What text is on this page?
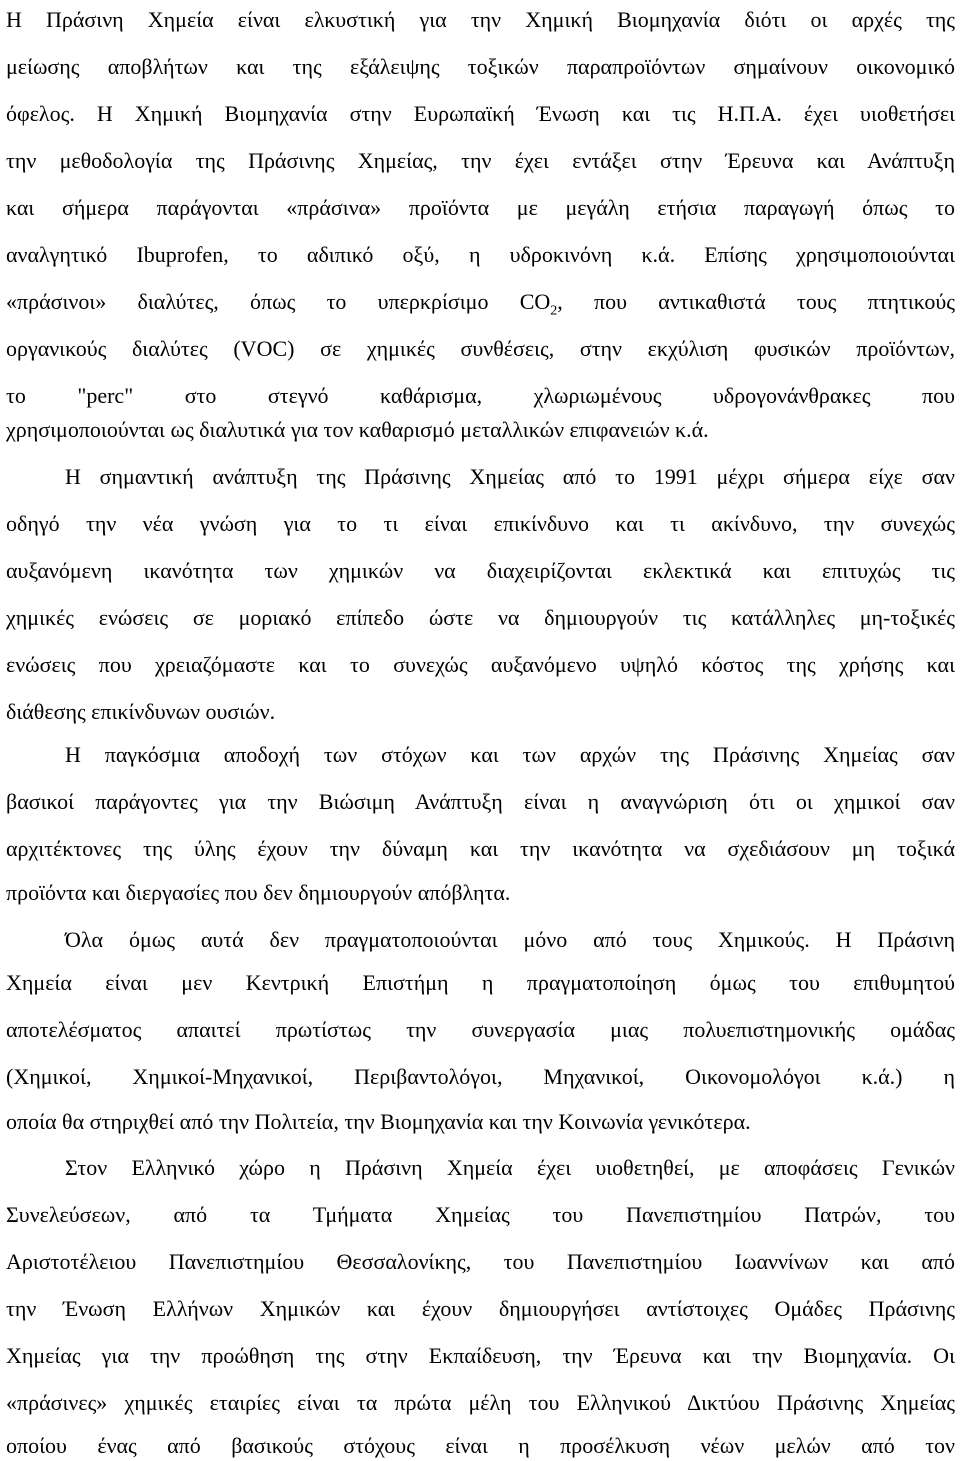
Η Πράσινη Χημεία είναι ελκυστική για την Χημική Βιομηχανία διότι οι αρχές της
μείωσης αποβλήτων και της εξάλειψης τοξικών παραπροϊόντων σημαίνουν οικονομικό
όφελος. Η Χημική Βιομηχανία στην Ευρωπαϊκή Ένωση και τις Η.Π.Α. έχει υιοθετήσει
την μεθοδολογία της Πράσινης Χημείας, την έχει εντάξει στην Έρευνα και Ανάπτυξη
και σήμερα παράγονται «πράσινα» προϊόντα με μεγάλη ετήσια παραγωγή όπως το
αναλγητικό Ibuprofen, το αδιπικό οξύ, η υδροκινόνη κ.ά. Επίσης χρησιμοποιούνται
«πράσινοι» διαλύτες, όπως το υπερκρίσιμο $CO_2$, που αντικαθιστά τους πτητικούς
οργανικούς διαλύτες (VOC) σε χημικές συνθέσεις, στην εκχύλιση φυσικών προϊόντων,
το "perc" στο στεγνό καθάρισμα, χλωριωμένους υδρογονάνθρακες που
χρησιμοποιούνται ως διαλυτικά για τον καθαρισμό μεταλλικών επιφανειών κ.ά.
Η σημαντική ανάπτυξη της Πράσινης Χημείας από το 1991 μέχρι σήμερα είχε σαν
οδηγό την νέα γνώση για το τι είναι επικίνδυνο και τι ακίνδυνο, την συνεχώς
αυξανόμενη ικανότητα των χημικών να διαχειρίζονται εκλεκτικά και επιτυχώς τις
χημικές ενώσεις σε μοριακό επίπεδο ώστε να δημιουργούν τις κατάλληλες μη-τοξικές
ενώσεις που χρειαζόμαστε και το συνεχώς αυξανόμενο υψηλό κόστος της χρήσης και
διάθεσης επικίνδυνων ουσιών.
Η παγκόσμια αποδοχή των στόχων και των αρχών της Πράσινης Χημείας σαν
βασικοί παράγοντες για την Βιώσιμη Ανάπτυξη είναι η αναγνώριση ότι οι χημικοί σαν
αρχιτέκτονες της ύλης έχουν την δύναμη και την ικανότητα να σχεδιάσουν μη τοξικά
προϊόντα και διεργασίες που δεν δημιουργούν απόβλητα.
Όλα όμως αυτά δεν πραγματοποιούνται μόνο από τους Χημικούς. Η Πράσινη
Χημεία είναι μεν Κεντρική Επιστήμη η πραγματοποίηση όμως του επιθυμητού
αποτελέσματος απαιτεί πρωτίστως την συνεργασία μιας πολυεπιστημονικής ομάδας
(Χημικοί, Χημικοί-Μηχανικοί, Περιβαντολόγοι, Μηχανικοί, Οικονομολόγοι κ.ά.) η
οποία θα στηριχθεί από την Πολιτεία, την Βιομηχανία και την Κοινωνία γενικότερα.
Στον Ελληνικό χώρο η Πράσινη Χημεία έχει υιοθετηθεί, με αποφάσεις Γενικών
Συνελεύσεων, από τα Τμήματα Χημείας του Πανεπιστημίου Πατρών, του
Αριστοτέλειου Πανεπιστημίου Θεσσαλονίκης, του Πανεπιστημίου Ιωαννίνων και από
την Ένωση Ελλήνων Χημικών και έχουν δημιουργήσει αντίστοιχες Ομάδες Πράσινης
Χημείας για την προώθηση της στην Εκπαίδευση, την Έρευνα και την Βιομηχανία. Οι
«πράσινες» χημικές εταιρίες είναι τα πρώτα μέλη του Ελληνικού Δικτύου Πράσινης Χημείας
οποίου ένας από βασικούς στόχους είναι η προσέλκυση νέων μελών από τον
